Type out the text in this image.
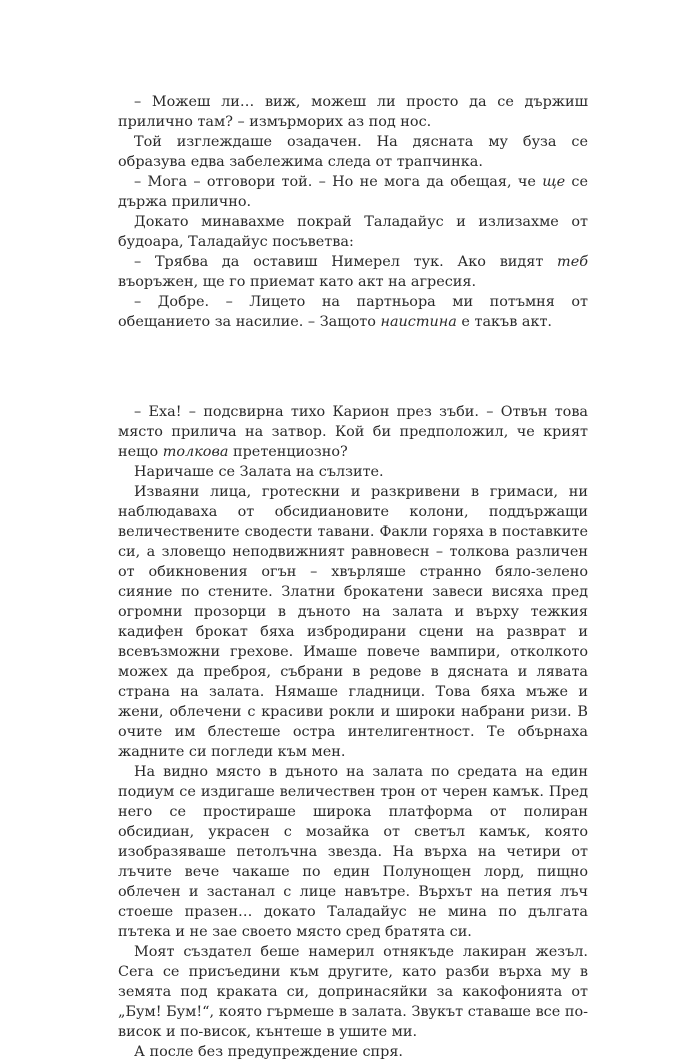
– Можеш ли… виж, можеш ли просто да се държиш прилично там? – измърморих аз под нос.

Той изглеждаше озадачен. На дясната му буза се образува едва забележима следа от трапчинка.

– Мога – отговори той. – Но не мога да обещая, че ще се държа прилично.

Докато минавахме покрай Таладайус и излизахме от будоара, Таладайус посъветва:

– Трябва да оставиш Нимерел тук. Ако видят теб въоръжен, ще го приемат като акт на агресия.

– Добре. – Лицето на партньора ми потъмня от обещанието за насилие. – Защото наистина е такъв акт.

– Еха! – подсвирна тихо Карион през зъби. – Отвън това място прилича на затвор. Кой би предположил, че крият нещо толкова претенциозно?

Наричаше се Залата на сълзите.

Изваяни лица, гротескни и разкривени в гримаси, ни наблюдаваха от обсидиановите колони, поддържащи величествените сводести тавани. Факли горяха в поставките си, а зловещо неподвижният равновесн – толкова различен от обикновения огън – хвърляше странно бяло-зелено сияние по стените. Златни брокатени завеси висяха пред огромни прозорци в дъното на залата и върху тежкия кадифен брокат бяха избродирани сцени на разврат и всевъзможни грехове. Имаше повече вампири, отколкото можех да преброя, събрани в редове в дясната и лявата страна на залата. Нямаше гладници. Това бяха мъже и жени, облечени с красиви рокли и широки набрани ризи. В очите им блестеше остра интелигентност. Те обърнаха жадните си погледи към мен.

На видно място в дъното на залата по средата на един подиум се издигаше величествен трон от черен камък. Пред него се простираше широка платформа от полиран обсидиан, украсен с мозайка от светъл камък, която изобразяваше петолъчна звезда. На върха на четири от лъчите вече чакаше по един Полунощен лорд, пищно облечен и застанал с лице навътре. Върхът на петия лъч стоеше празен… докато Таладайус не мина по дългата пътека и не зае своето място сред братята си.

Моят създател беше намерил отнякъде лакиран жезъл. Сега се присъедини към другите, като разби върха му в земята под краката си, допринасяйки за какофонията от „Бум! Бум!“, която гърмеше в залата. Звукът ставаше все по-висок и по-висок, кънтеше в ушите ми.

А после без предупреждение спря.
